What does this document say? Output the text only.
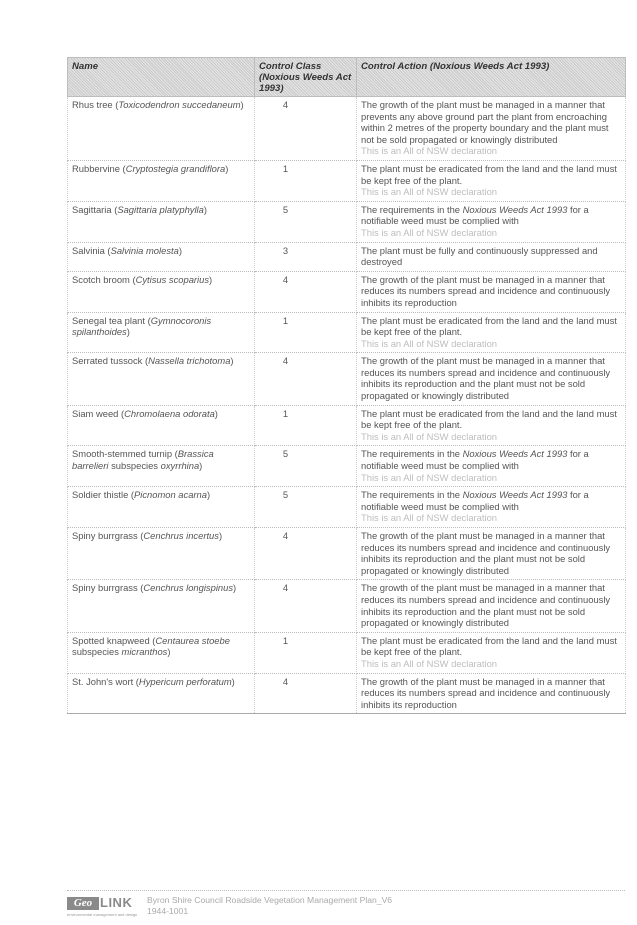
Name	Control Class (Noxious Weeds Act 1993)	Control Action (Noxious Weeds Act 1993)
Rhus tree (Toxicodendron succedaneum)	4	The growth of the plant must be managed in a manner that prevents any above ground part the plant from encroaching within 2 metres of the property boundary and the plant must not be sold propagated or knowingly distributed
This is an All of NSW declaration

Rubbervine (Cryptostegia grandiflora)	1	The plant must be eradicated from the land and the land must be kept free of the plant.
This is an All of NSW declaration

Sagittaria (Sagittaria platyphylla)	5	The requirements in the Noxious Weeds Act 1993 for a notifiable weed must be complied with
This is an All of NSW declaration

Salvinia (Salvinia molesta)	3	The plant must be fully and continuously suppressed and destroyed
Scotch broom (Cytisus scoparius)	4	The growth of the plant must be managed in a manner that reduces its numbers spread and incidence and continuously inhibits its reproduction
Senegal tea plant (Gymnocoronis spilanthoides)	1	The plant must be eradicated from the land and the land must be kept free of the plant.
This is an All of NSW declaration

Serrated tussock (Nassella trichotoma)	4	The growth of the plant must be managed in a manner that reduces its numbers spread and incidence and continuously inhibits its reproduction and the plant must not be sold propagated or knowingly distributed
Siam weed (Chromolaena odorata)	1	The plant must be eradicated from the land and the land must be kept free of the plant.
This is an All of NSW declaration

Smooth-stemmed turnip (Brassica barrelieri subspecies oxyrrhina)	5	The requirements in the Noxious Weeds Act 1993 for a notifiable weed must be complied with
This is an All of NSW declaration

Soldier thistle (Picnomon acarna)	5	The requirements in the Noxious Weeds Act 1993 for a notifiable weed must be complied with
This is an All of NSW declaration

Spiny burrgrass (Cenchrus incertus)	4	The growth of the plant must be managed in a manner that reduces its numbers spread and incidence and continuously inhibits its reproduction and the plant must not be sold propagated or knowingly distributed
Spiny burrgrass (Cenchrus longispinus)	4	The growth of the plant must be managed in a manner that reduces its numbers spread and incidence and continuously inhibits its reproduction and the plant must not be sold propagated or knowingly distributed
Spotted knapweed (Centaurea stoebe subspecies micranthos)	1	The plant must be eradicated from the land and the land must be kept free of the plant.
This is an All of NSW declaration

St. John's wort (Hypericum perforatum)	4	The growth of the plant must be managed in a manner that reduces its numbers spread and incidence and continuously inhibits its reproduction
Geo LINK
environmental management and design
Byron Shire Council Roadside Vegetation Management Plan_V6
1944-1001
